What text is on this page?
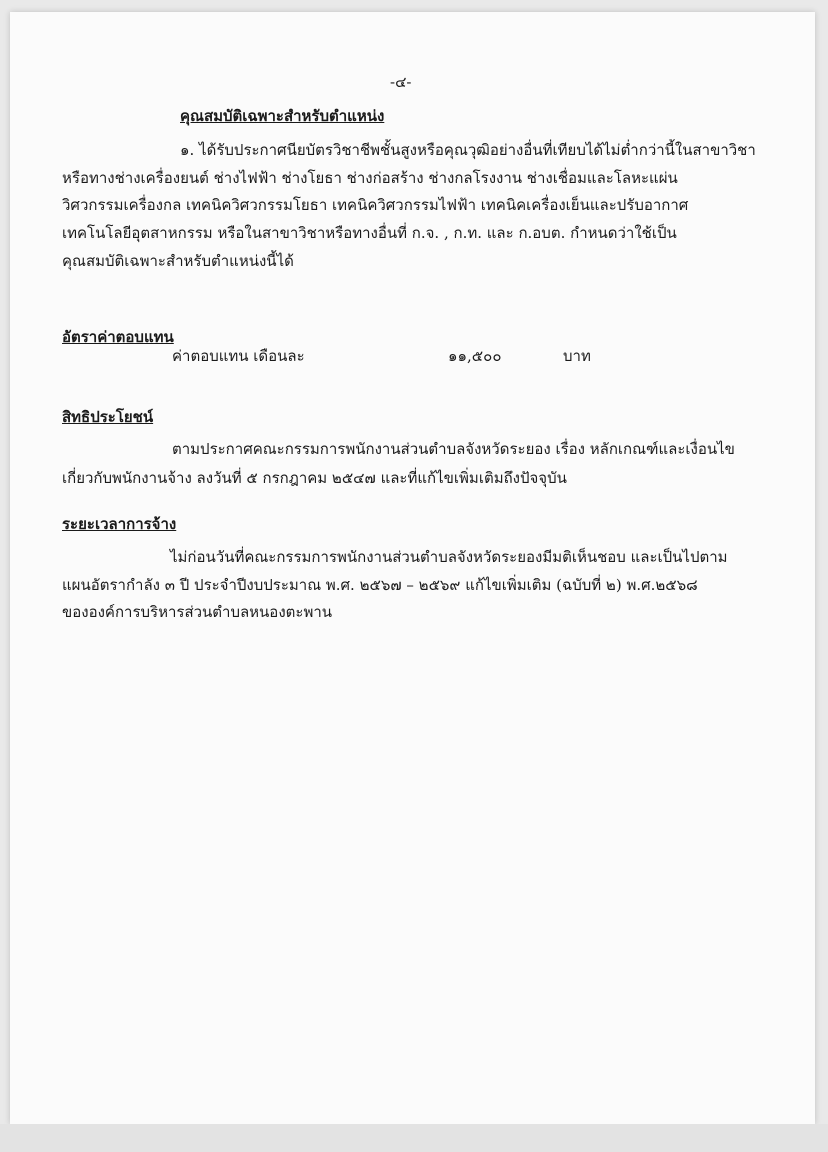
-๔-
คุณสมบัติเฉพาะสำหรับตำแหน่ง
๑. ได้รับประกาศนียบัตรวิชาชีพชั้นสูงหรือคุณวุฒิอย่างอื่นที่เทียบได้ไม่ต่ำกว่านี้ในสาขาวิชา
หรือทางช่างเครื่องยนต์ ช่างไฟฟ้า ช่างโยธา ช่างก่อสร้าง ช่างกลโรงงาน ช่างเชื่อมและโลหะแผ่น
วิศวกรรมเครื่องกล เทคนิควิศวกรรมโยธา เทคนิควิศวกรรมไฟฟ้า เทคนิคเครื่องเย็นและปรับอากาศ
เทคโนโลยีอุตสาหกรรม หรือในสาขาวิชาหรือทางอื่นที่ ก.จ. , ก.ท. และ ก.อบต. กำหนดว่าใช้เป็น
คุณสมบัติเฉพาะสำหรับตำแหน่งนี้ได้
อัตราค่าตอบแทน
ค่าตอบแทน เดือนละ	๑๑,๕๐๐	บาท
สิทธิประโยชน์
ตามประกาศคณะกรรมการพนักงานส่วนตำบลจังหวัดระยอง เรื่อง หลักเกณฑ์และเงื่อนไข
เกี่ยวกับพนักงานจ้าง ลงวันที่ ๕ กรกฎาคม ๒๕๔๗ และที่แก้ไขเพิ่มเติมถึงปัจจุบัน
ระยะเวลาการจ้าง
ไม่ก่อนวันที่คณะกรรมการพนักงานส่วนตำบลจังหวัดระยองมีมติเห็นชอบ และเป็นไปตาม
แผนอัตรากำลัง ๓ ปี ประจำปีงบประมาณ พ.ศ. ๒๕๖๗ – ๒๕๖๙ แก้ไขเพิ่มเติม (ฉบับที่ ๒) พ.ศ.๒๕๖๘
ขององค์การบริหารส่วนตำบลหนองตะพาน
